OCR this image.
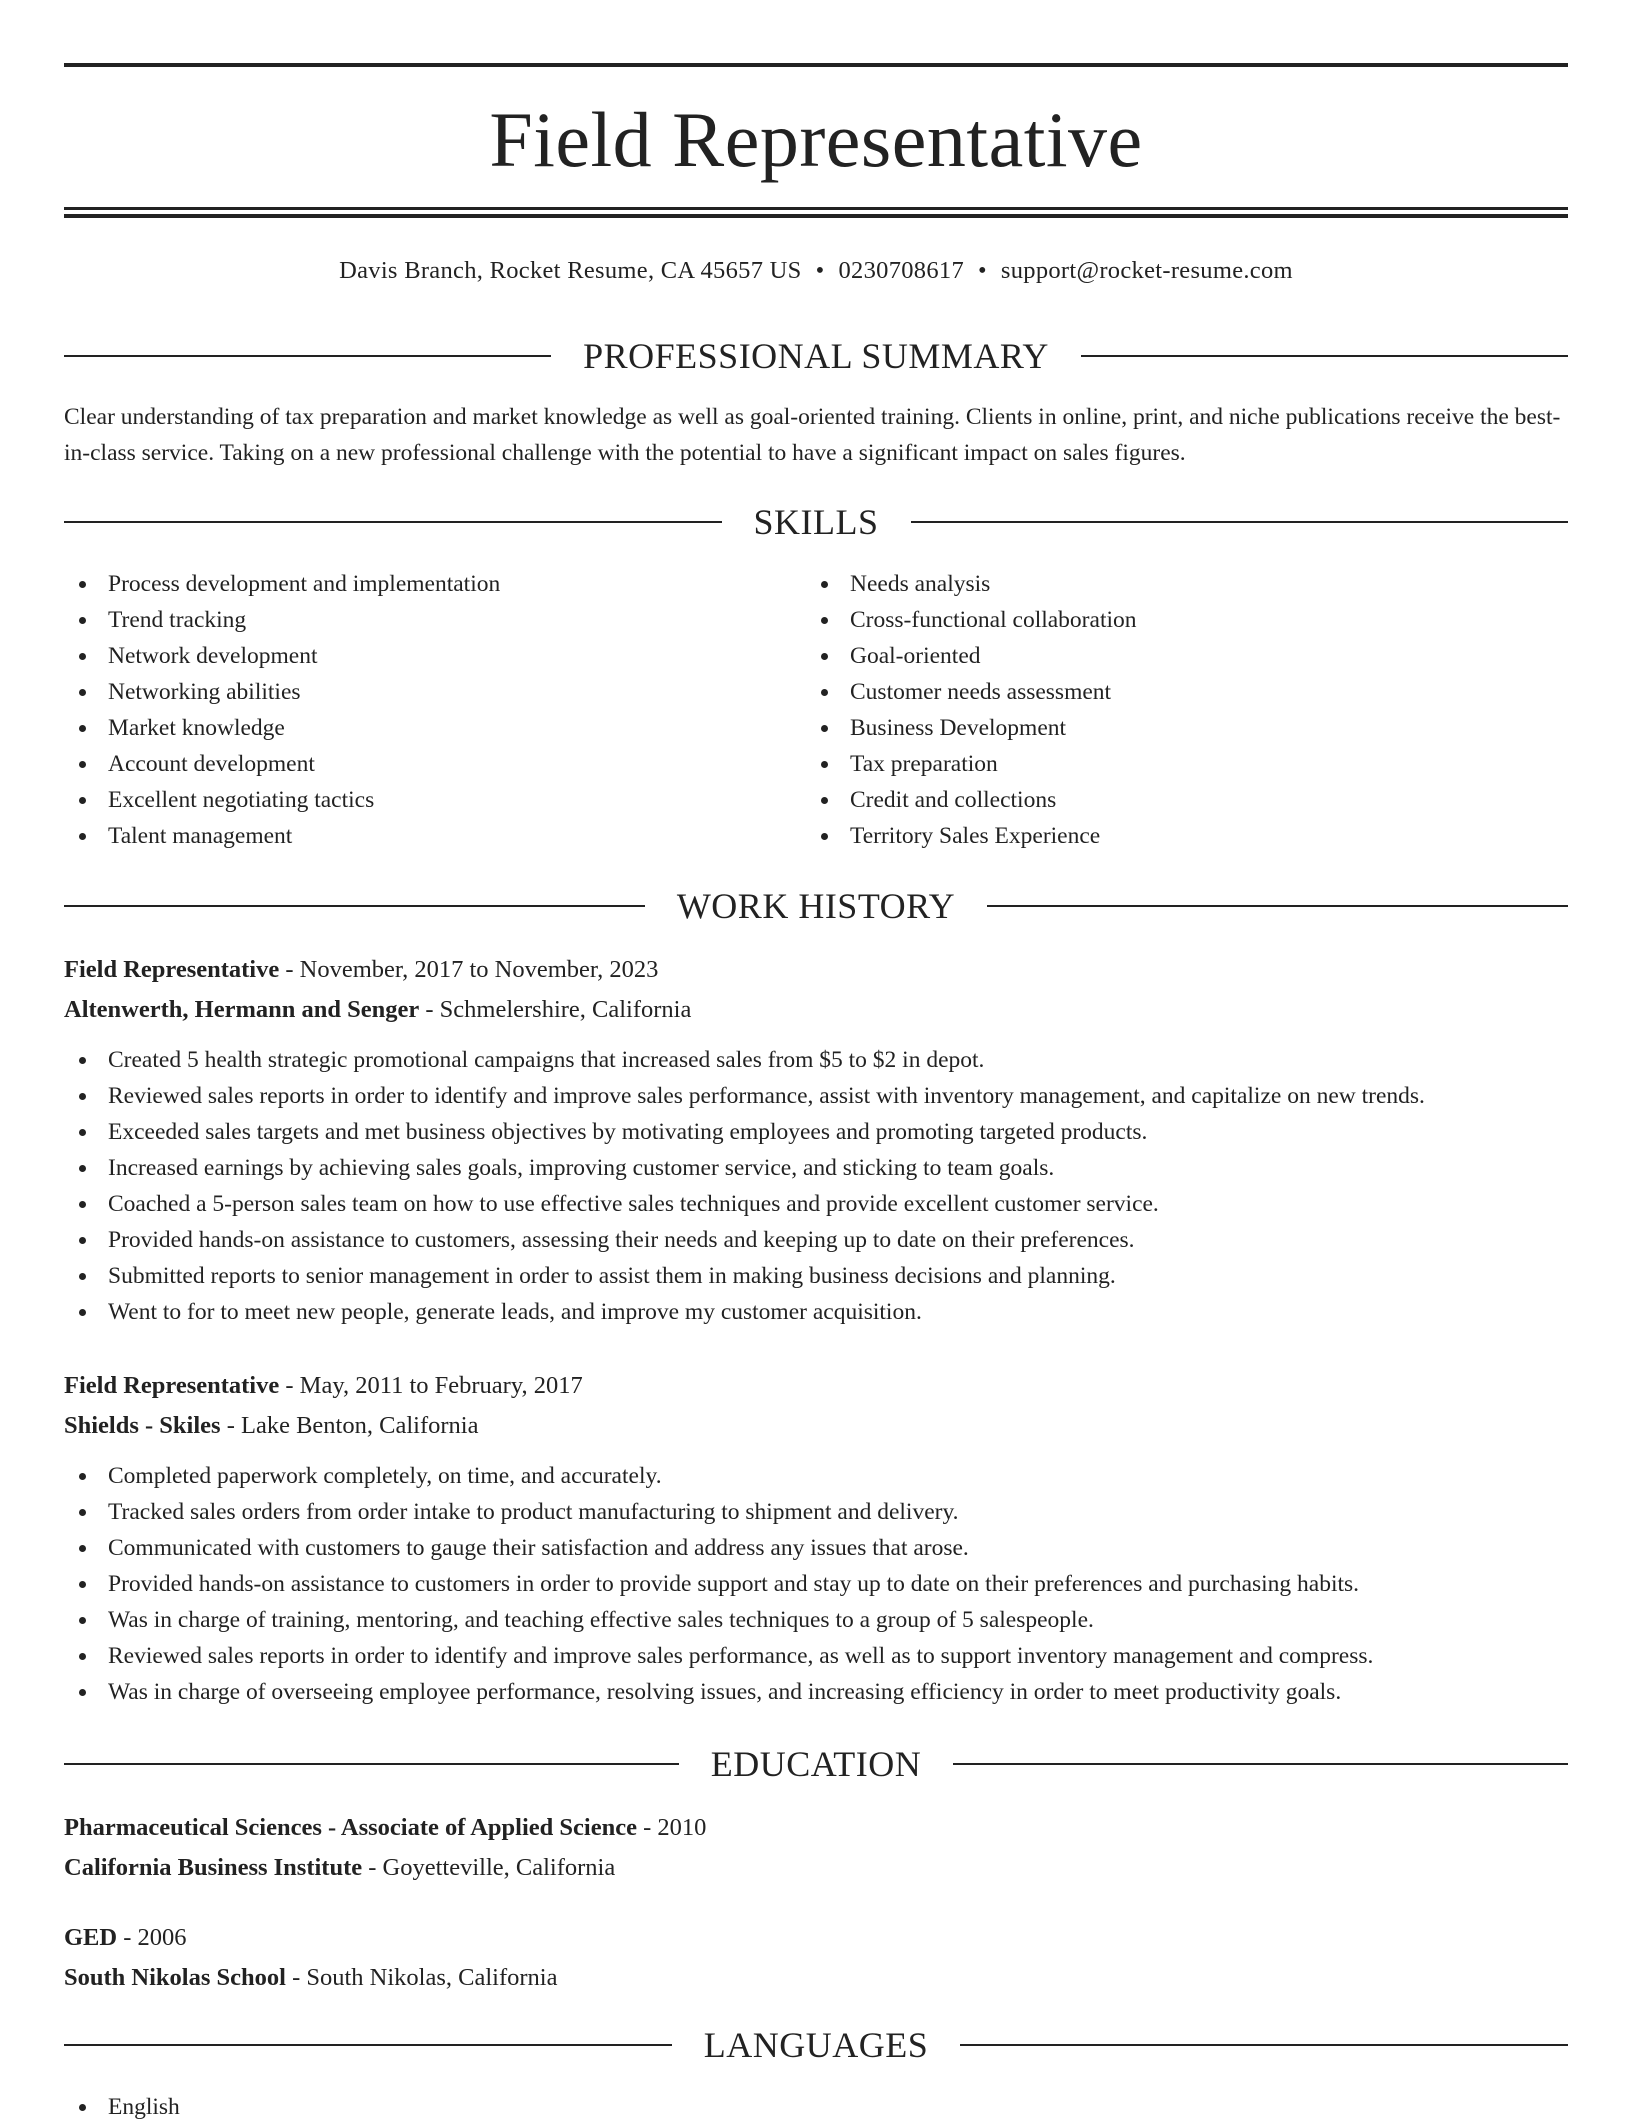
Field Representative
Davis Branch, Rocket Resume, CA 45657 US • 0230708617 • support@rocket-resume.com
PROFESSIONAL SUMMARY

Clear understanding of tax preparation and market knowledge as well as goal-oriented training. Clients in online, print, and niche publications receive the best-in-class service. Taking on a new professional challenge with the potential to have a significant impact on sales figures.

SKILLS
Process development and implementation
Trend tracking
Network development
Networking abilities
Market knowledge
Account development
Excellent negotiating tactics
Talent management
Needs analysis
Cross-functional collaboration
Goal-oriented
Customer needs assessment
Business Development
Tax preparation
Credit and collections
Territory Sales Experience
WORK HISTORY
Field Representative - November, 2017 to November, 2023
Altenwerth, Hermann and Senger - Schmelershire, California
Created 5 health strategic promotional campaigns that increased sales from $5 to $2 in depot.
Reviewed sales reports in order to identify and improve sales performance, assist with inventory management, and capitalize on new trends.
Exceeded sales targets and met business objectives by motivating employees and promoting targeted products.
Increased earnings by achieving sales goals, improving customer service, and sticking to team goals.
Coached a 5-person sales team on how to use effective sales techniques and provide excellent customer service.
Provided hands-on assistance to customers, assessing their needs and keeping up to date on their preferences.
Submitted reports to senior management in order to assist them in making business decisions and planning.
Went to for to meet new people, generate leads, and improve my customer acquisition.
Field Representative - May, 2011 to February, 2017
Shields - Skiles - Lake Benton, California
Completed paperwork completely, on time, and accurately.
Tracked sales orders from order intake to product manufacturing to shipment and delivery.
Communicated with customers to gauge their satisfaction and address any issues that arose.
Provided hands-on assistance to customers in order to provide support and stay up to date on their preferences and purchasing habits.
Was in charge of training, mentoring, and teaching effective sales techniques to a group of 5 salespeople.
Reviewed sales reports in order to identify and improve sales performance, as well as to support inventory management and compress.
Was in charge of overseeing employee performance, resolving issues, and increasing efficiency in order to meet productivity goals.
EDUCATION
Pharmaceutical Sciences - Associate of Applied Science - 2010
California Business Institute - Goyetteville, California
GED - 2006
South Nikolas School - South Nikolas, California
LANGUAGES
English
